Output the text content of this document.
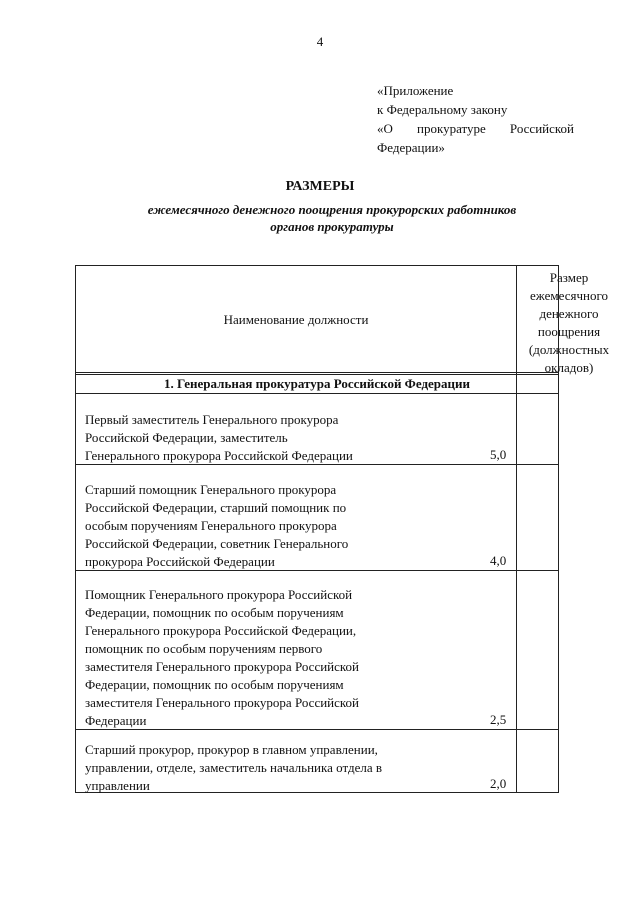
4
«Приложение
к Федеральному закону
«О прокуратуре Российской
Федерации»
РАЗМЕРЫ
ежемесячного денежного поощрения прокурорских работников
органов прокуратуры
Наименование должности
Размер
ежемесячного
денежного
поощрения
(должностных
окладов)
1. Генеральная прокуратура Российской Федерации
Первый заместитель Генерального прокурора
Российской Федерации, заместитель
Генерального прокурора Российской Федерации	5,0
Старший помощник Генерального прокурора
Российской Федерации, старший помощник по
особым поручениям Генерального прокурора
Российской Федерации, советник Генерального
прокурора Российской Федерации	4,0
Помощник Генерального прокурора Российской
Федерации, помощник по особым поручениям
Генерального прокурора Российской Федерации,
помощник по особым поручениям первого
заместителя Генерального прокурора Российской
Федерации, помощник по особым поручениям
заместителя Генерального прокурора Российской
Федерации	2,5
Старший прокурор, прокурор в главном управлении,
управлении, отделе, заместитель начальника отдела в
управлении	2,0
